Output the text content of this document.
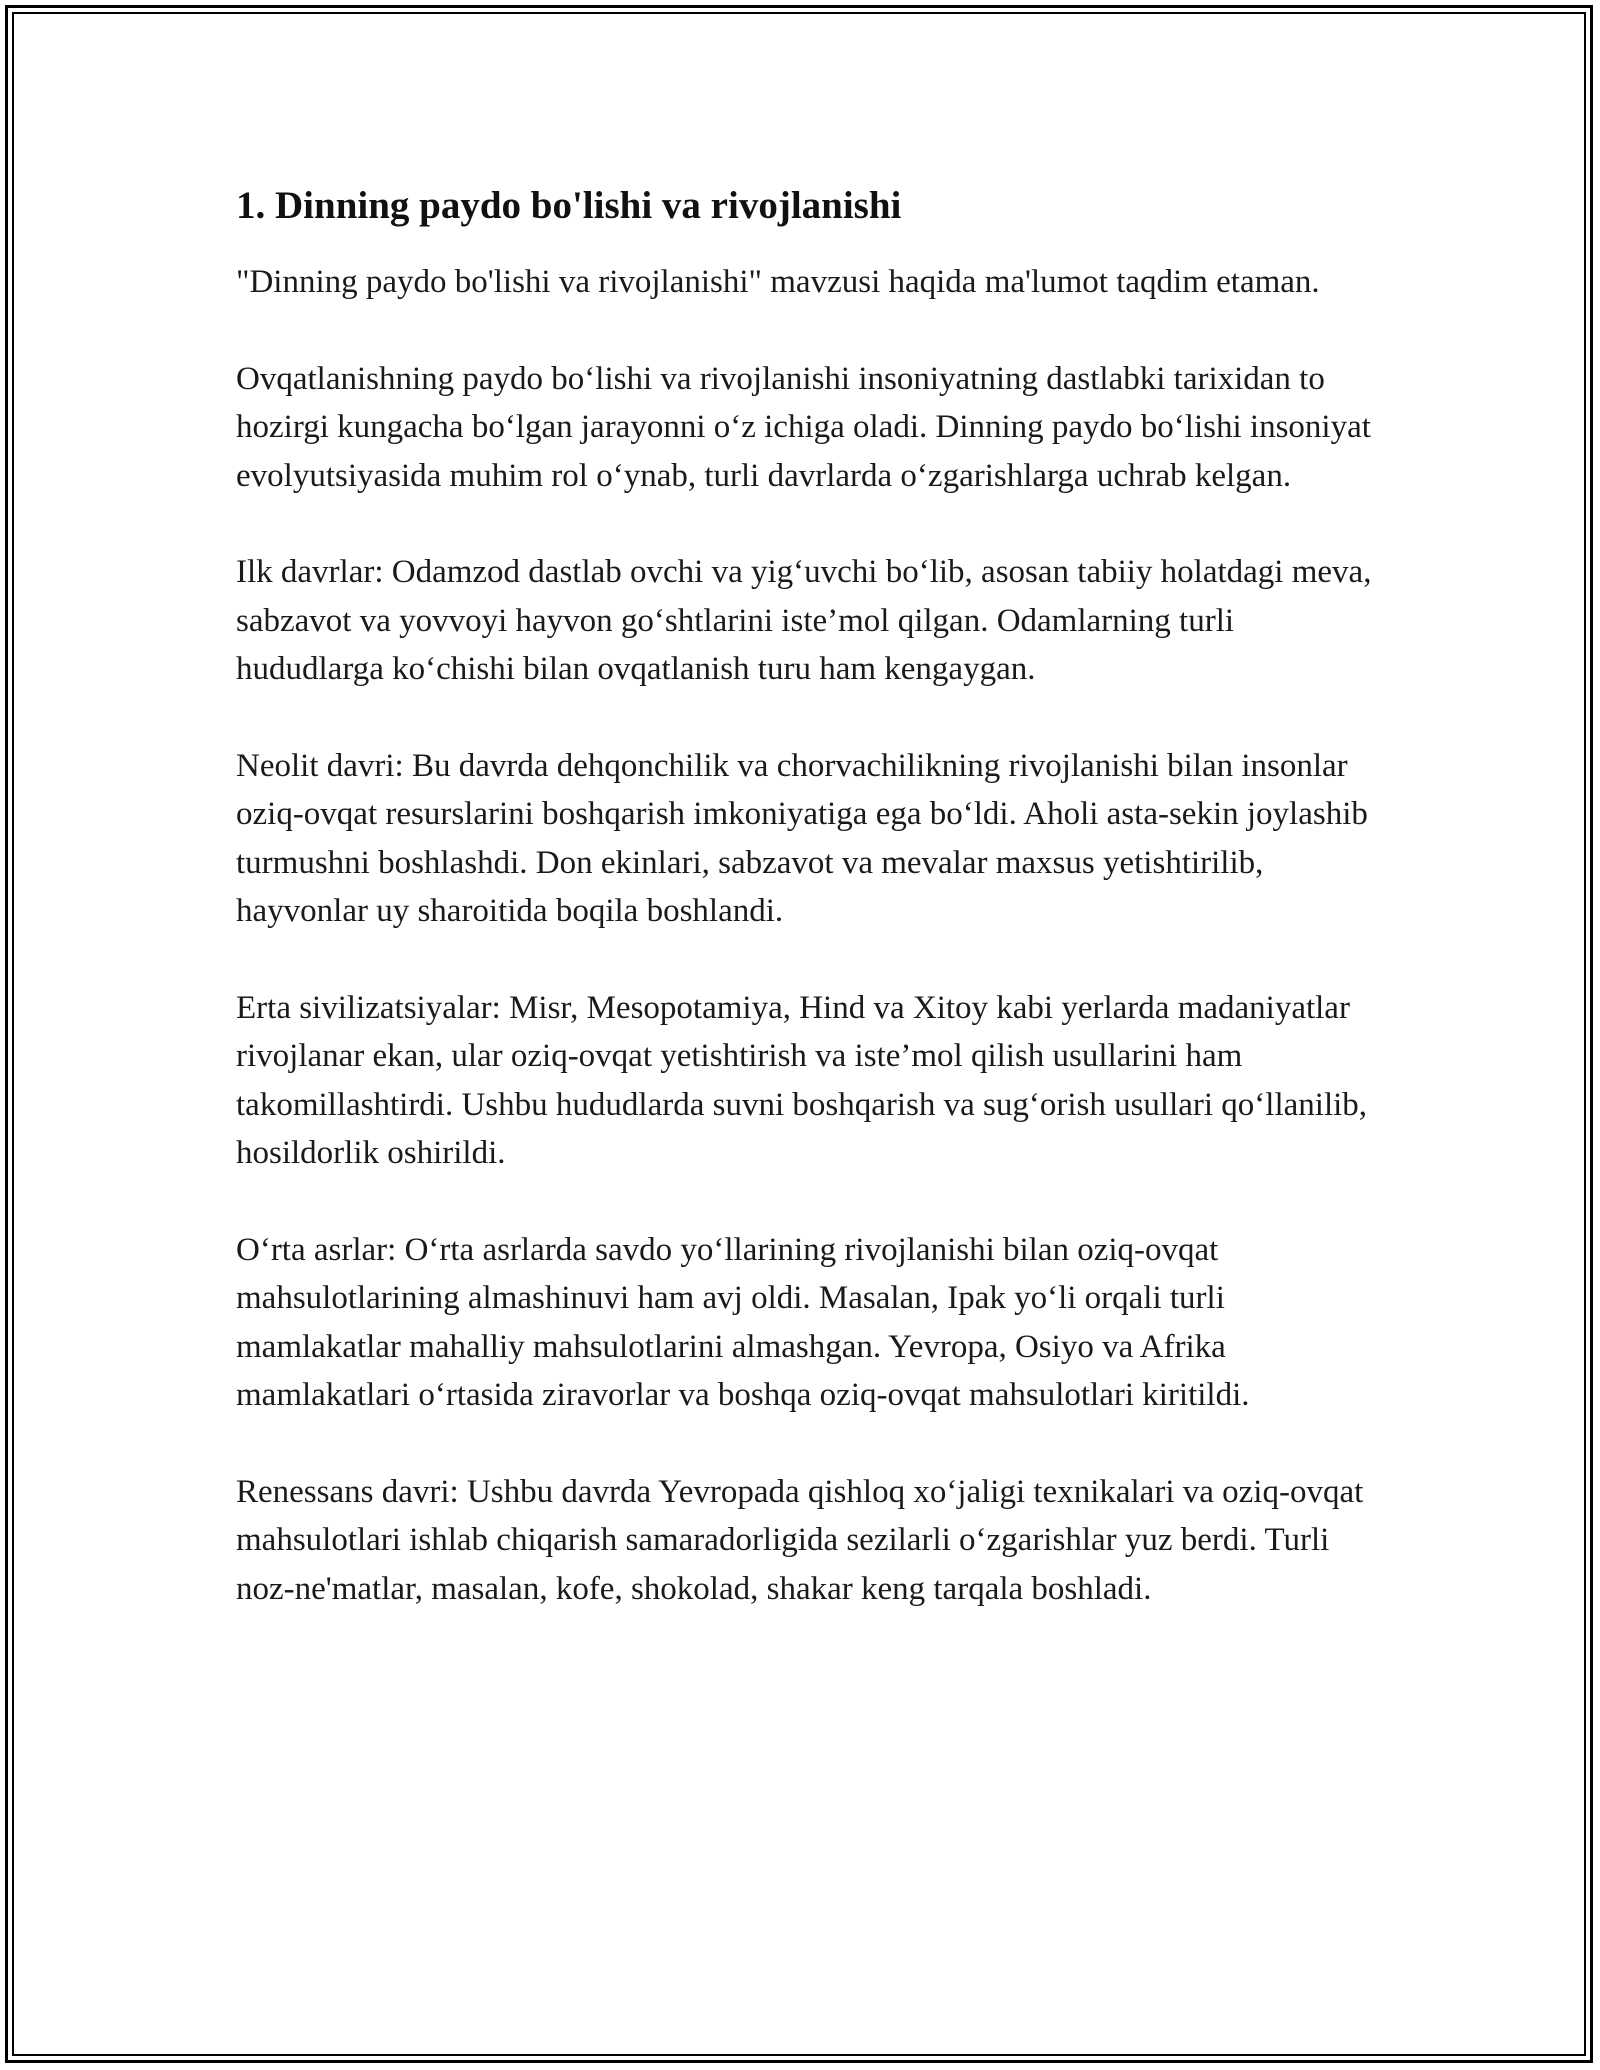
1. Dinning paydo bo'lishi va rivojlanishi

"Dinning paydo bo'lishi va rivojlanishi" mavzusi haqida ma'lumot taqdim etaman.

Ovqatlanishning paydo bo‘lishi va rivojlanishi insoniyatning dastlabki tarixidan to hozirgi kungacha bo‘lgan jarayonni o‘z ichiga oladi. Dinning paydo bo‘lishi insoniyat evolyutsiyasida muhim rol o‘ynab, turli davrlarda o‘zgarishlarga uchrab kelgan.

Ilk davrlar: Odamzod dastlab ovchi va yig‘uvchi bo‘lib, asosan tabiiy holatdagi meva, sabzavot va yovvoyi hayvon go‘shtlarini iste’mol qilgan. Odamlarning turli hududlarga ko‘chishi bilan ovqatlanish turu ham kengaygan.

Neolit davri: Bu davrda dehqonchilik va chorvachilikning rivojlanishi bilan insonlar oziq-ovqat resurslarini boshqarish imkoniyatiga ega bo‘ldi. Aholi asta-sekin joylashib turmushni boshlashdi. Don ekinlari, sabzavot va mevalar maxsus yetishtirilib, hayvonlar uy sharoitida boqila boshlandi.

Erta sivilizatsiyalar: Misr, Mesopotamiya, Hind va Xitoy kabi yerlarda madaniyatlar rivojlanar ekan, ular oziq-ovqat yetishtirish va iste’mol qilish usullarini ham takomillashtirdi. Ushbu hududlarda suvni boshqarish va sug‘orish usullari qo‘llanilib, hosildorlik oshirildi.

O‘rta asrlar: O‘rta asrlarda savdo yo‘llarining rivojlanishi bilan oziq-ovqat mahsulotlarining almashinuvi ham avj oldi. Masalan, Ipak yo‘li orqali turli mamlakatlar mahalliy mahsulotlarini almashgan. Yevropa, Osiyo va Afrika mamlakatlari o‘rtasida ziravorlar va boshqa oziq-ovqat mahsulotlari kiritildi.

Renessans davri: Ushbu davrda Yevropada qishloq xo‘jaligi texnikalari va oziq-ovqat mahsulotlari ishlab chiqarish samaradorligida sezilarli o‘zgarishlar yuz berdi. Turli noz-ne'matlar, masalan, kofe, shokolad, shakar keng tarqala boshladi.
